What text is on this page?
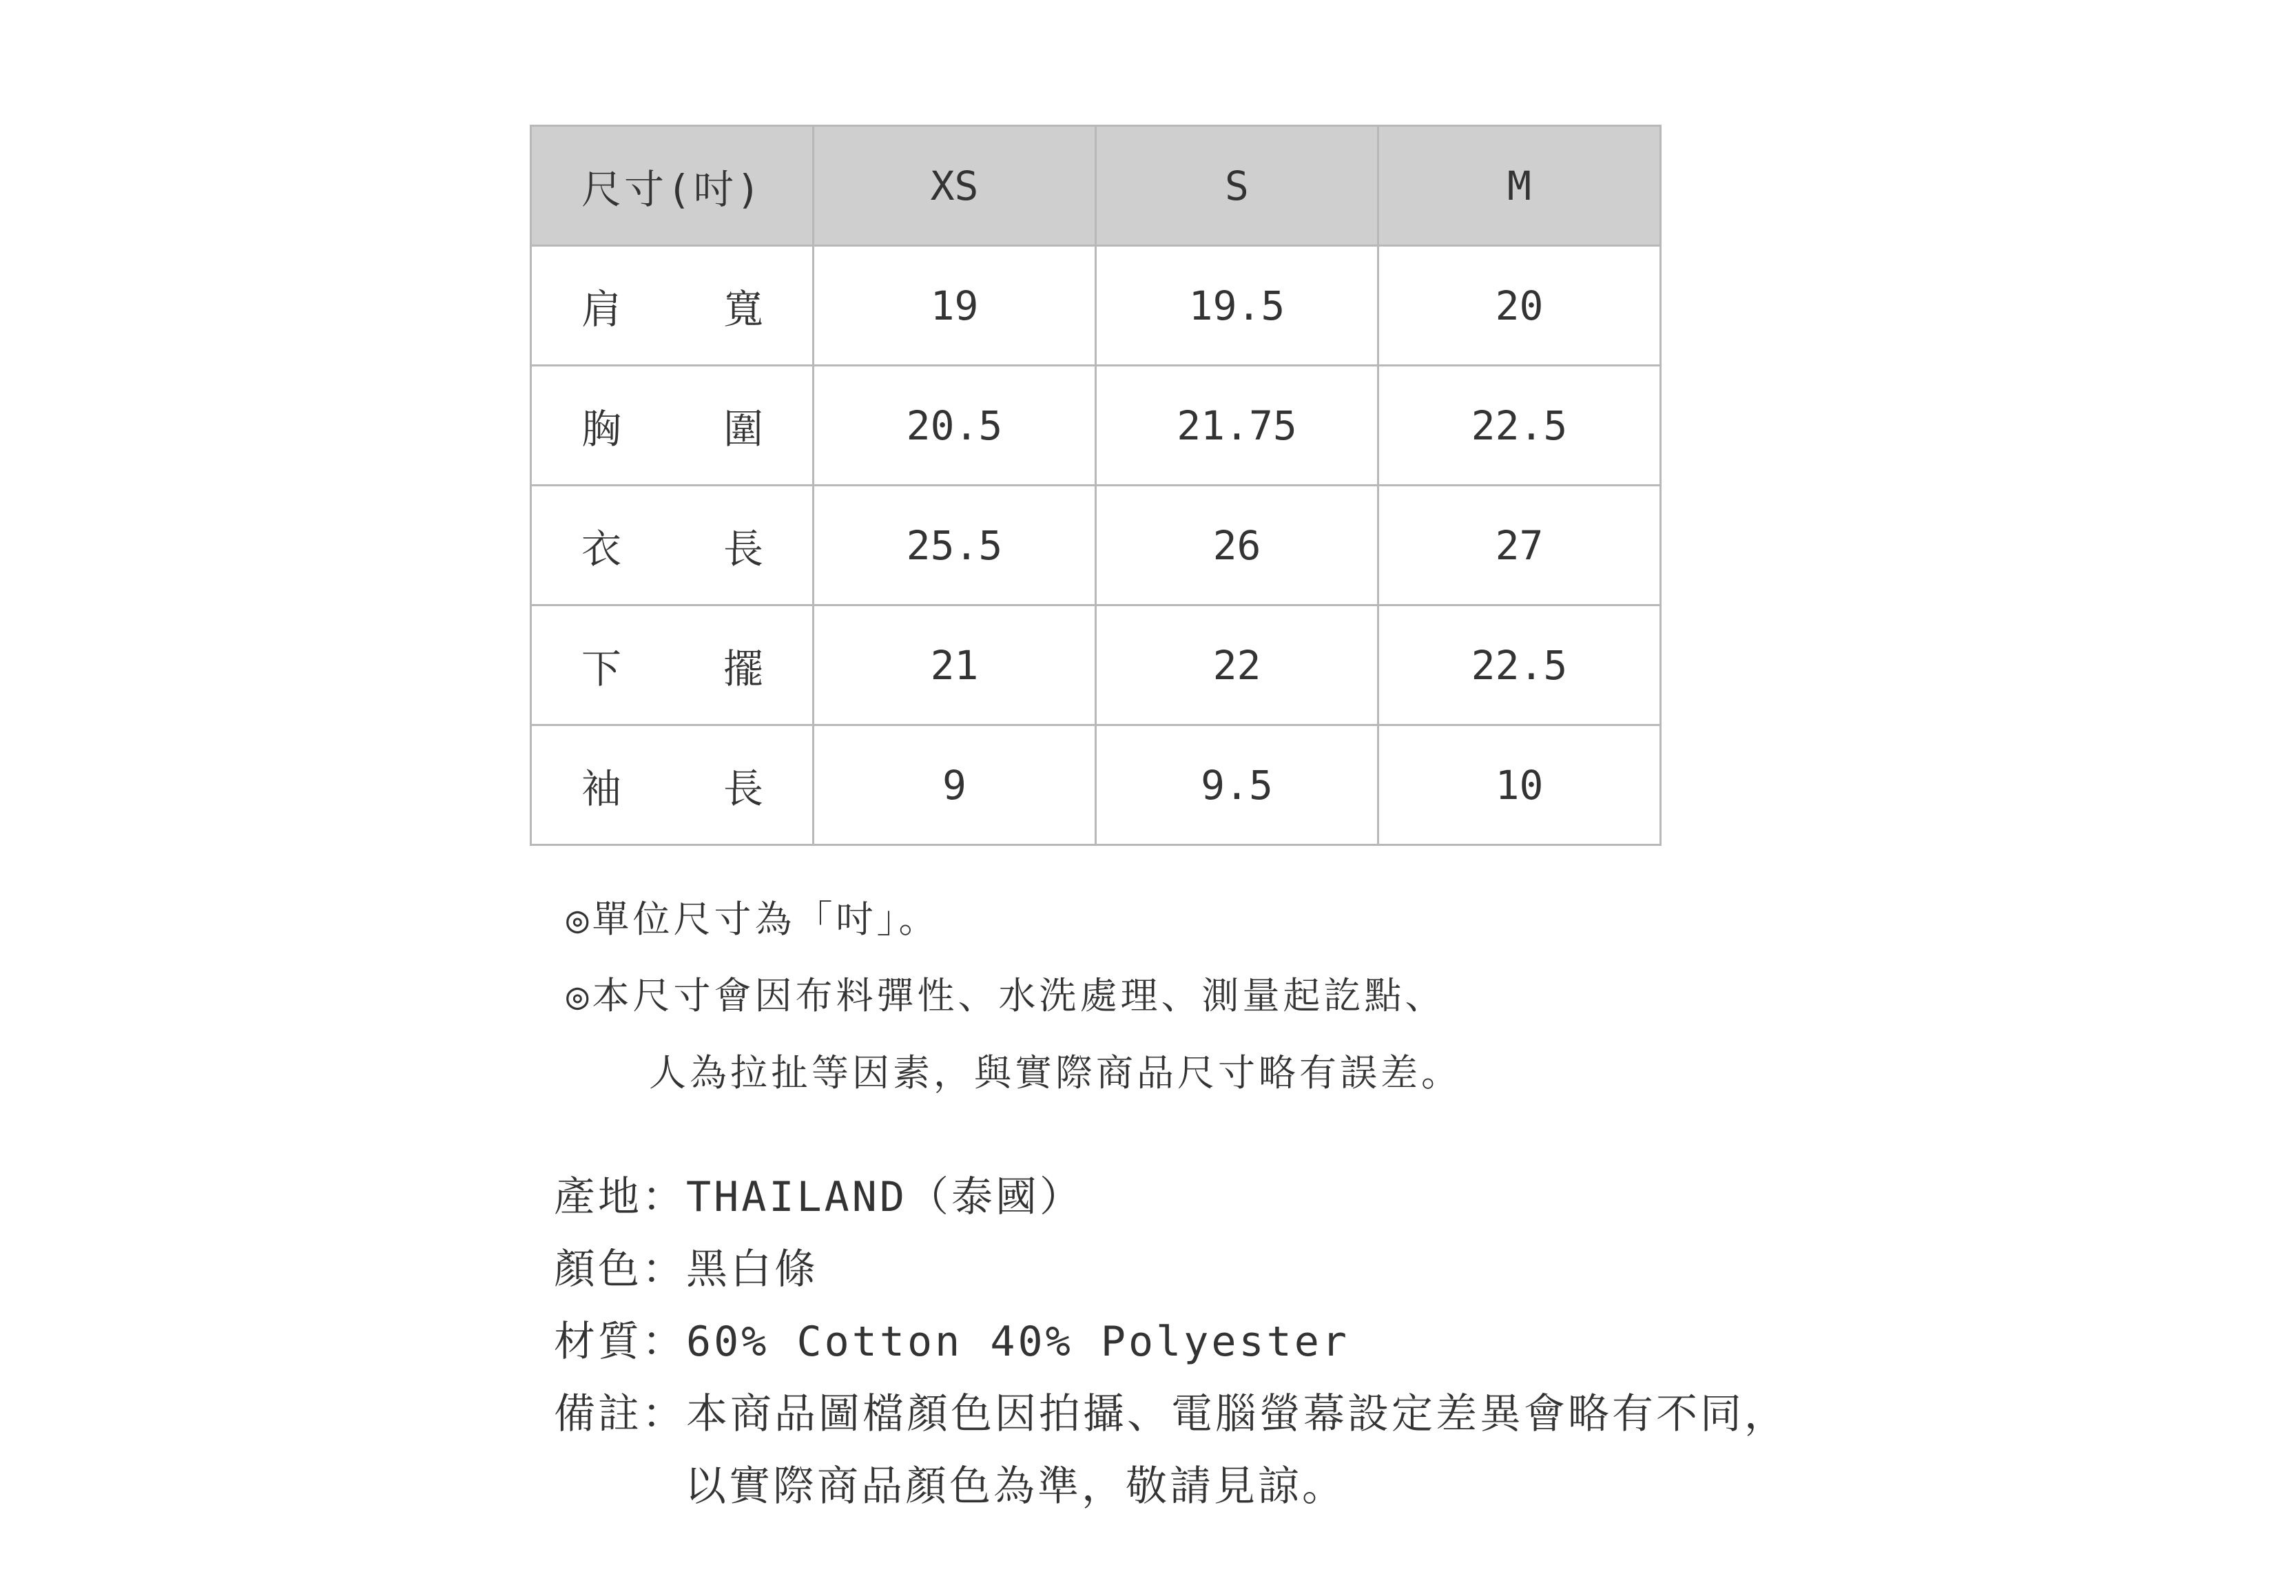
尺寸(吋)	XS	S	M

肩 寬	19	19.5	20

胸 圍	20.5	21.75	22.5

衣 長	25.5	26	27

下 擺	21	22	22.5

袖 長	9	9.5	10
◎單位尺寸為「吋」。
◎本尺寸會因布料彈性、水洗處理、測量起訖點、
人為拉扯等因素，與實際商品尺寸略有誤差。
產地：THAILAND（泰國）
顏色：黑白條
材質：60% Cotton 40% Polyester
備註：本商品圖檔顏色因拍攝、電腦螢幕設定差異會略有不同，
以實際商品顏色為準，敬請見諒。
